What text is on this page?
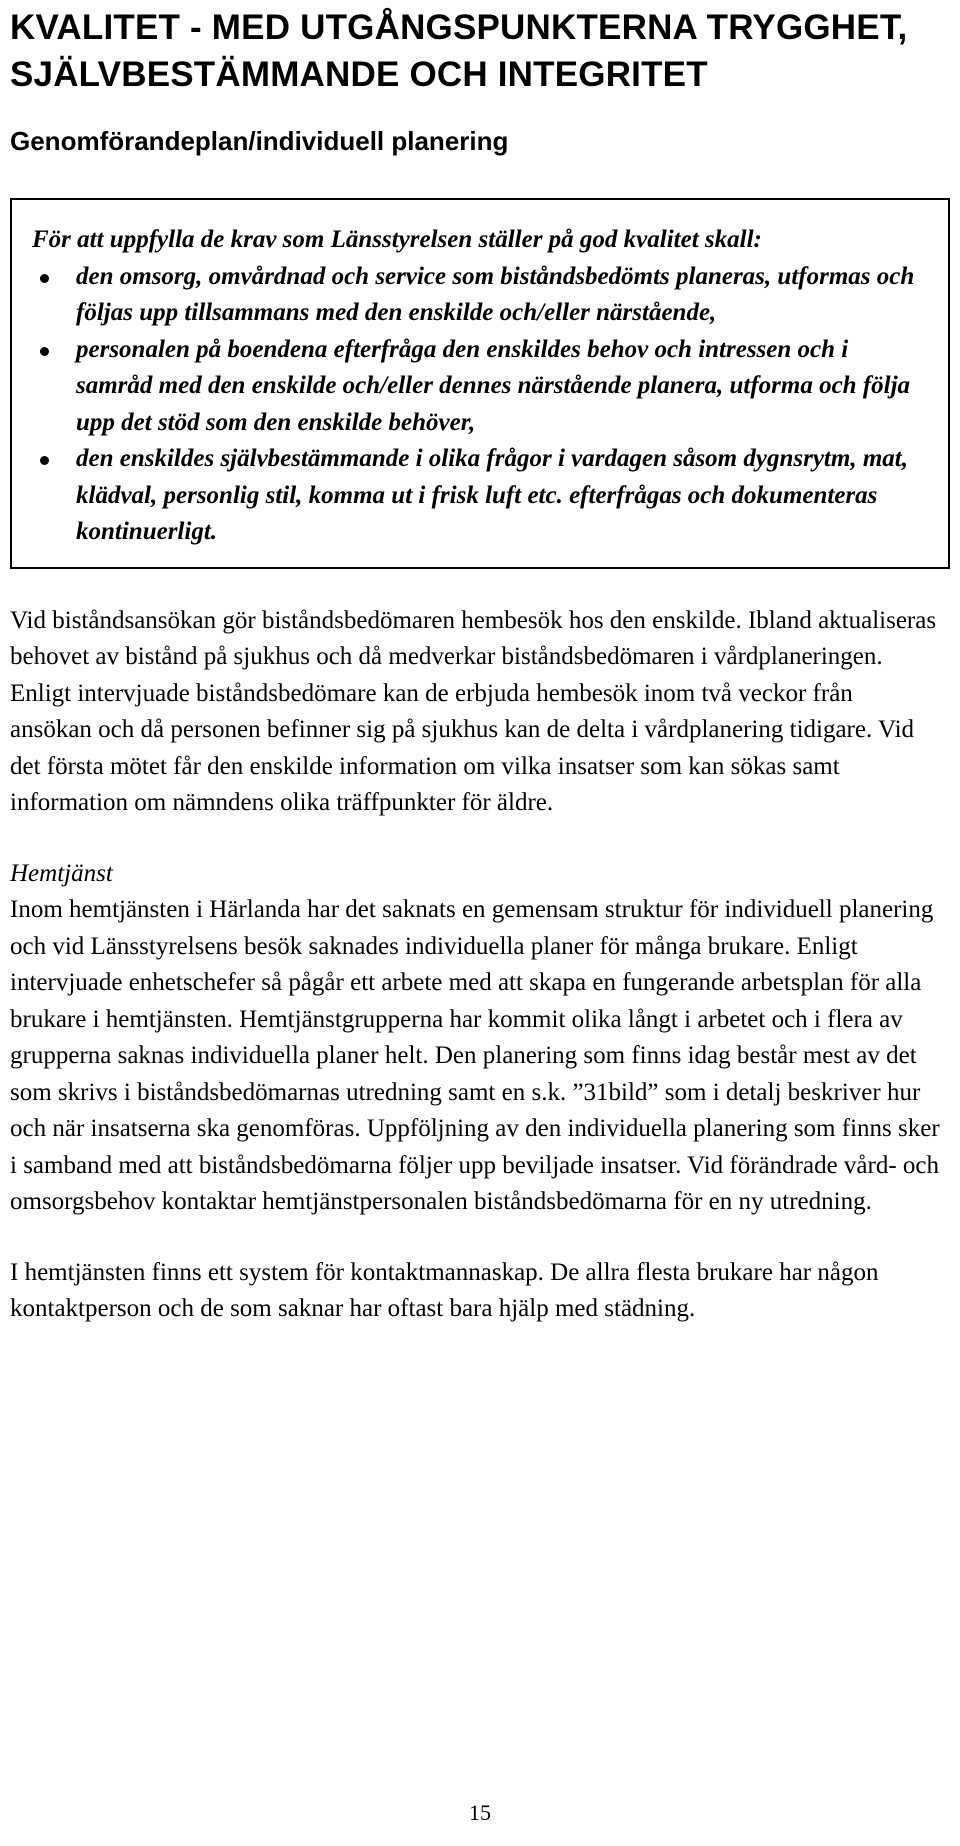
KVALITET - MED UTGÅNGSPUNKTERNA TRYGGHET, SJÄLVBESTÄMMANDE OCH INTEGRITET
Genomförandeplan/individuell planering

För att uppfylla de krav som Länsstyrelsen ställer på god kvalitet skall:

den omsorg, omvårdnad och service som biståndsbedömts planeras, utformas och följas upp tillsammans med den enskilde och/eller närstående,
personalen på boendena efterfråga den enskildes behov och intressen och i samråd med den enskilde och/eller dennes närstående planera, utforma och följa upp det stöd som den enskilde behöver,
den enskildes självbestämmande i olika frågor i vardagen såsom dygnsrytm, mat, klädval, personlig stil, komma ut i frisk luft etc. efterfrågas och dokumenteras kontinuerligt.

Vid biståndsansökan gör biståndsbedömaren hembesök hos den enskilde. Ibland aktualiseras behovet av bistånd på sjukhus och då medverkar biståndsbedömaren i vårdplaneringen. Enligt intervjuade biståndsbedömare kan de erbjuda hembesök inom två veckor från ansökan och då personen befinner sig på sjukhus kan de delta i vårdplanering tidigare. Vid det första mötet får den enskilde information om vilka insatser som kan sökas samt information om nämndens olika träffpunkter för äldre.

Hemtjänst

Inom hemtjänsten i Härlanda har det saknats en gemensam struktur för individuell planering och vid Länsstyrelsens besök saknades individuella planer för många brukare. Enligt intervjuade enhetschefer så pågår ett arbete med att skapa en fungerande arbetsplan för alla brukare i hemtjänsten. Hemtjänstgrupperna har kommit olika långt i arbetet och i flera av grupperna saknas individuella planer helt. Den planering som finns idag består mest av det som skrivs i biståndsbedömarnas utredning samt en s.k. ”31bild” som i detalj beskriver hur och när insatserna ska genomföras. Uppföljning av den individuella planering som finns sker i samband med att biståndsbedömarna följer upp beviljade insatser. Vid förändrade vård- och omsorgsbehov kontaktar hemtjänstpersonalen biståndsbedömarna för en ny utredning.

I hemtjänsten finns ett system för kontaktmannaskap. De allra flesta brukare har någon kontaktperson och de som saknar har oftast bara hjälp med städning.

15
